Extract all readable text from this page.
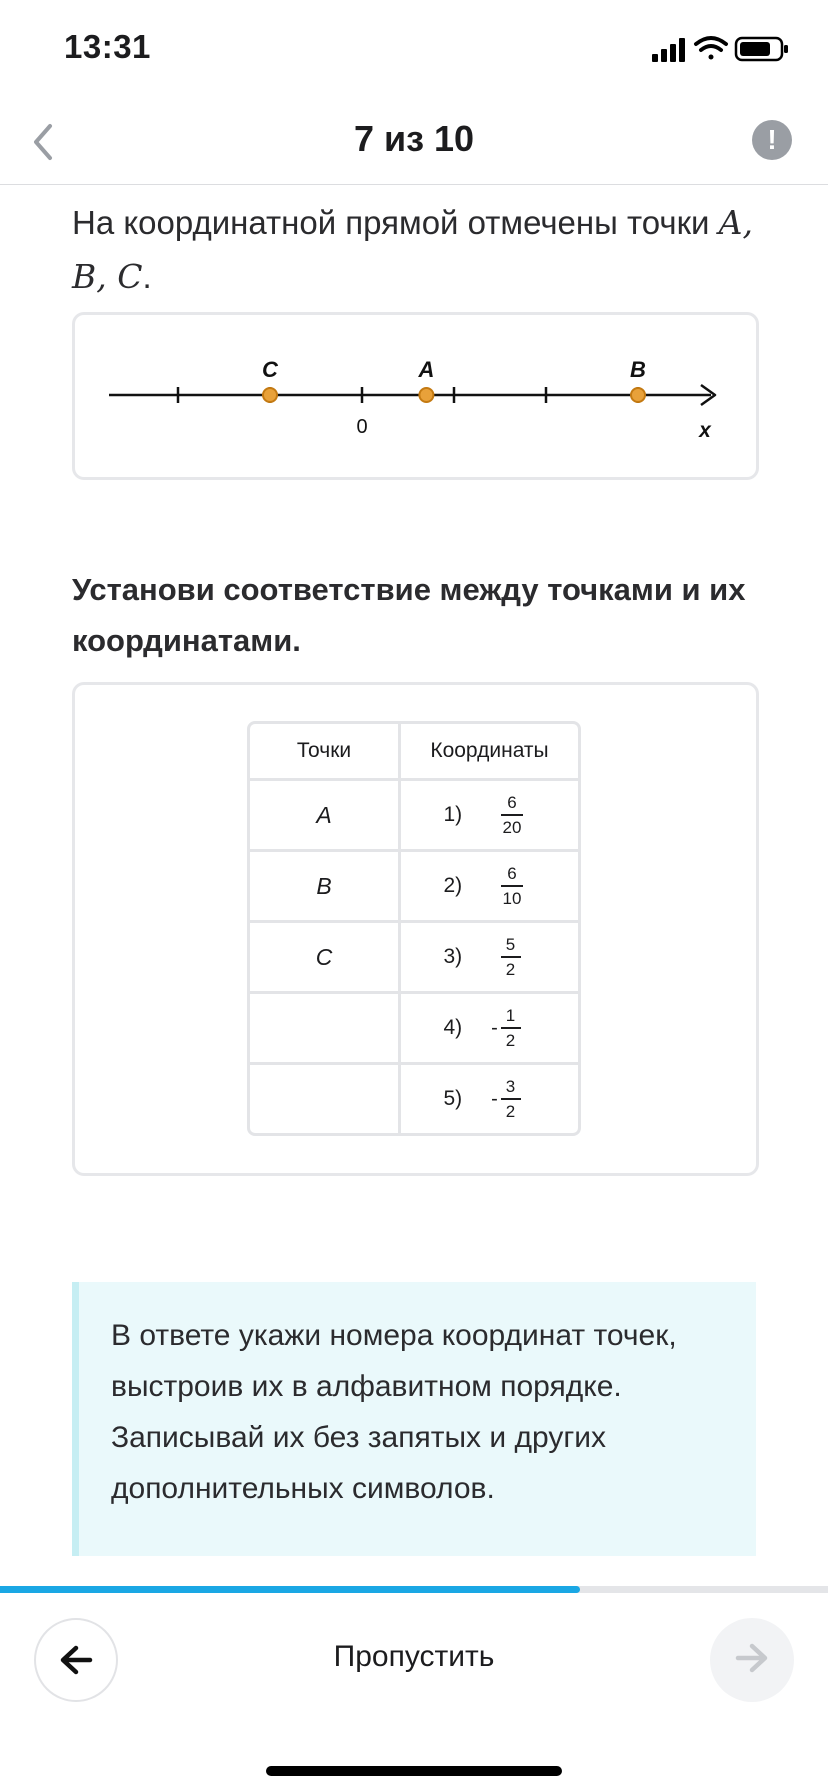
13:31
7 из 10	!
На координатной прямой отмечены точки A, B, C.
0	x
C	A	B
Установи соответствие между точками и их координатами.
Точки	Координаты
A	$1) \frac{6}{20}$

B	$2) \frac{6}{10}$

C	$3) \frac{5}{2}$

	$4) - \frac{1}{2}$

	$5) - \frac{3}{2}$
В ответе укажи номера координат точек, выстроив их в алфавитном порядке. Записывай их без запятых и других дополнительных символов.
Пропустить
